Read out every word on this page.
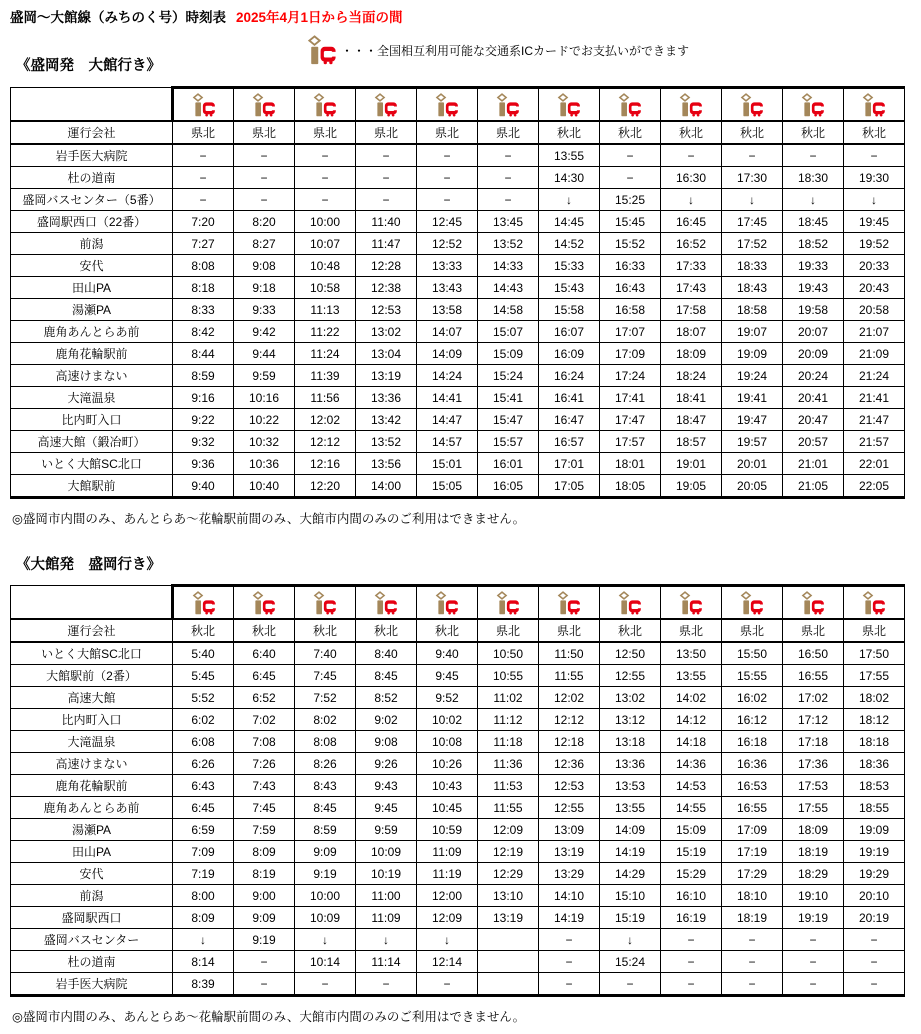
盛岡～大館線（みちのく号）時刻表 2025年4月1日から当面の間
・・・全国相互利用可能な交通系ICカードでお支払いができます
《盛岡発　大館行き》

運行会社	県北	県北	県北	県北	県北	県北	秋北	秋北	秋北	秋北	秋北	秋北
岩手医大病院	−	−	−	−	−	−	13:55	−	−	−	−	−
杜の道南	−	−	−	−	−	−	14:30	−	16:30	17:30	18:30	19:30
盛岡バスセンター（5番）	−	−	−	−	−	−	↓	15:25	↓	↓	↓	↓
盛岡駅西口（22番）	7:20	8:20	10:00	11:40	12:45	13:45	14:45	15:45	16:45	17:45	18:45	19:45
前潟	7:27	8:27	10:07	11:47	12:52	13:52	14:52	15:52	16:52	17:52	18:52	19:52
安代	8:08	9:08	10:48	12:28	13:33	14:33	15:33	16:33	17:33	18:33	19:33	20:33
田山PA	8:18	9:18	10:58	12:38	13:43	14:43	15:43	16:43	17:43	18:43	19:43	20:43
湯瀬PA	8:33	9:33	11:13	12:53	13:58	14:58	15:58	16:58	17:58	18:58	19:58	20:58
鹿角あんとらあ前	8:42	9:42	11:22	13:02	14:07	15:07	16:07	17:07	18:07	19:07	20:07	21:07
鹿角花輪駅前	8:44	9:44	11:24	13:04	14:09	15:09	16:09	17:09	18:09	19:09	20:09	21:09
高速けまない	8:59	9:59	11:39	13:19	14:24	15:24	16:24	17:24	18:24	19:24	20:24	21:24
大滝温泉	9:16	10:16	11:56	13:36	14:41	15:41	16:41	17:41	18:41	19:41	20:41	21:41
比内町入口	9:22	10:22	12:02	13:42	14:47	15:47	16:47	17:47	18:47	19:47	20:47	21:47
高速大館（鍛冶町）	9:32	10:32	12:12	13:52	14:57	15:57	16:57	17:57	18:57	19:57	20:57	21:57
いとく大館SC北口	9:36	10:36	12:16	13:56	15:01	16:01	17:01	18:01	19:01	20:01	21:01	22:01
大館駅前	9:40	10:40	12:20	14:00	15:05	16:05	17:05	18:05	19:05	20:05	21:05	22:05
◎盛岡市内間のみ、あんとらあ～花輪駅前間のみ、大館市内間のみのご利用はできません。
《大館発　盛岡行き》

運行会社	秋北	秋北	秋北	秋北	秋北	県北	県北	秋北	県北	県北	県北	県北
いとく大館SC北口	5:40	6:40	7:40	8:40	9:40	10:50	11:50	12:50	13:50	15:50	16:50	17:50
大館駅前（2番）	5:45	6:45	7:45	8:45	9:45	10:55	11:55	12:55	13:55	15:55	16:55	17:55
高速大館	5:52	6:52	7:52	8:52	9:52	11:02	12:02	13:02	14:02	16:02	17:02	18:02
比内町入口	6:02	7:02	8:02	9:02	10:02	11:12	12:12	13:12	14:12	16:12	17:12	18:12
大滝温泉	6:08	7:08	8:08	9:08	10:08	11:18	12:18	13:18	14:18	16:18	17:18	18:18
高速けまない	6:26	7:26	8:26	9:26	10:26	11:36	12:36	13:36	14:36	16:36	17:36	18:36
鹿角花輪駅前	6:43	7:43	8:43	9:43	10:43	11:53	12:53	13:53	14:53	16:53	17:53	18:53
鹿角あんとらあ前	6:45	7:45	8:45	9:45	10:45	11:55	12:55	13:55	14:55	16:55	17:55	18:55
湯瀬PA	6:59	7:59	8:59	9:59	10:59	12:09	13:09	14:09	15:09	17:09	18:09	19:09
田山PA	7:09	8:09	9:09	10:09	11:09	12:19	13:19	14:19	15:19	17:19	18:19	19:19
安代	7:19	8:19	9:19	10:19	11:19	12:29	13:29	14:29	15:29	17:29	18:29	19:29
前潟	8:00	9:00	10:00	11:00	12:00	13:10	14:10	15:10	16:10	18:10	19:10	20:10
盛岡駅西口	8:09	9:09	10:09	11:09	12:09	13:19	14:19	15:19	16:19	18:19	19:19	20:19
盛岡バスセンター	↓	9:19	↓	↓	↓		−	↓	−	−	−	−
杜の道南	8:14	−	10:14	11:14	12:14		−	15:24	−	−	−	−
岩手医大病院	8:39	−	−	−	−		−	−	−	−	−	−
◎盛岡市内間のみ、あんとらあ～花輪駅前間のみ、大館市内間のみのご利用はできません。
